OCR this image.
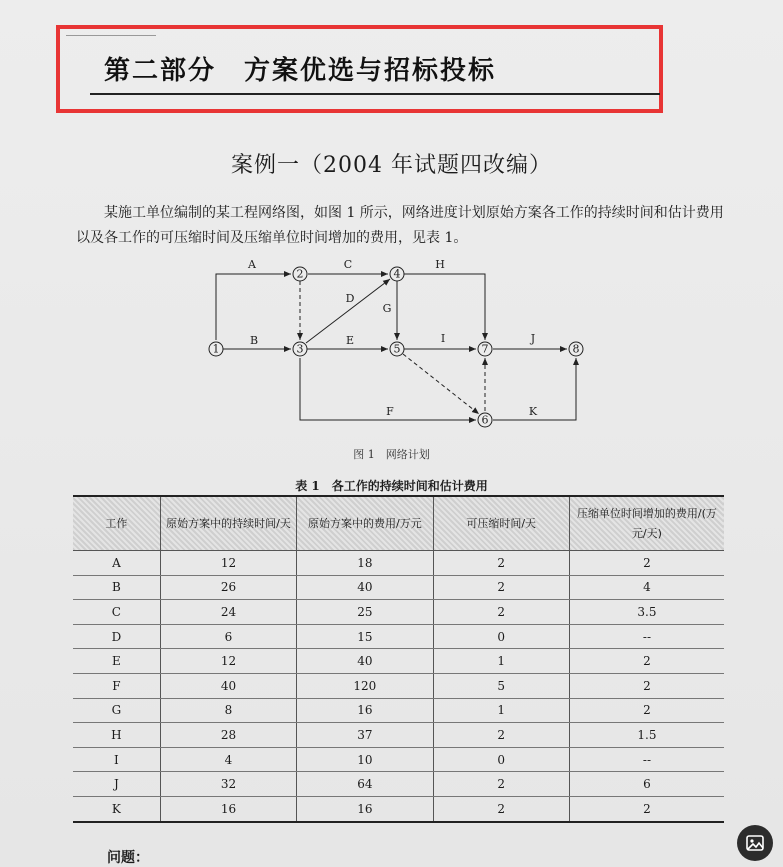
第二部分　方案优选与招标投标
案例一（2004 年试题四改编）
某施工单位编制的某工程网络图，如图 1 所示，网络进度计划原始方案各工作的持续时间和估计费用以及各工作的可压缩时间及压缩单位时间增加的费用，见表 1。
1
2
3
4
5
6
7	8
A
B
C
D
E
F
G
H
I	J
K
图 1　网络计划
表 1　各工作的持续时间和估计费用
工作	原始方案中的持续时间/天	原始方案中的费用/万元	可压缩时间/天	压缩单位时间增加的费用/(万元/天)
A	12	18	2	2
B	26	40	2	4
C	24	25	2	3.5
D	6	15	0	--
E	12	40	1	2
F	40	120	5	2
G	8	16	1	2
H	28	37	2	1.5
I	4	10	0	--
J	32	64	2	6
K	16	16	2	2
问题：
